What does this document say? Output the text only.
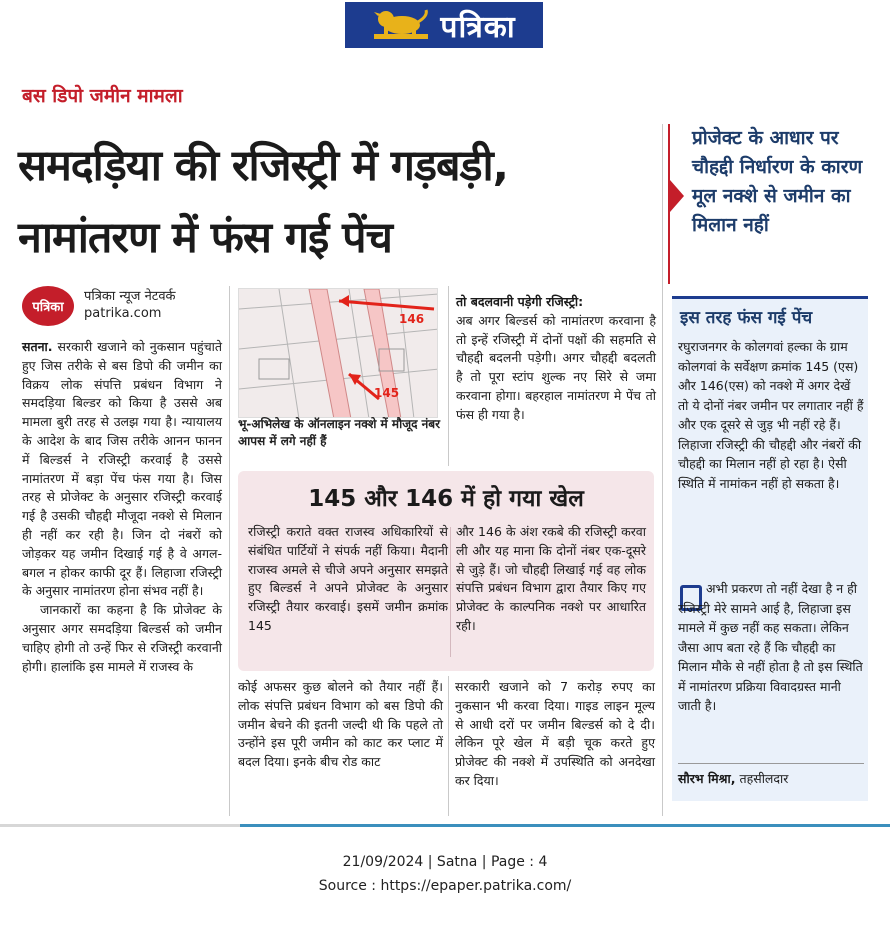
पत्रिका
बस डिपो जमीन मामला
समदड़िया की रजिस्ट्री में गड़बड़ी,
नामांतरण में फंस गई पेंच
प्रोजेक्ट के आधार पर चौहद्दी निर्धारण के कारण मूल नक्शे से जमीन का मिलान नहीं
पत्रिका
पत्रिका न्यूज नेटवर्क
patrika.com
सतना. सरकारी खजाने को नुकसान पहुंचाते हुए जिस तरीके से बस डिपो की जमीन का विक्रय लोक संपत्ति प्रबंधन विभाग ने समदड़िया बिल्डर को किया है उससे अब मामला बुरी तरह से उलझ गया है। न्यायालय के आदेश के बाद जिस तरीके आनन फानन में बिल्डर्स ने रजिस्ट्री करवाई है उससे नामांतरण में बड़ा पेंच फंस गया है। जिस तरह से प्रोजेक्ट के अनुसार रजिस्ट्री करवाई गई है उसकी चौहद्दी मौजूदा नक्शे से मिलान ही नहीं कर रही है। जिन दो नंबरों को जोड़कर यह जमीन दिखाई गई है वे अगल-बगल न होकर काफी दूर हैं। लिहाजा रजिस्ट्री के अनुसार नामांतरण होना संभव नहीं है।
जानकारों का कहना है कि प्रोजेक्ट के अनुसार अगर समदड़िया बिल्डर्स को जमीन चाहिए होगी तो उन्हें फिर से रजिस्ट्री करवानी होगी। हालांकि इस मामले में राजस्व के
146
145
भू-अभिलेख के ऑनलाइन नक्शे में मौजूद नंबर आपस में लगे नहीं हैं
तो बदलवानी पड़ेगी रजिस्ट्री:
अब अगर बिल्डर्स को नामांतरण करवाना है तो इन्हें रजिस्ट्री में दोनों पक्षों की सहमति से चौहद्दी बदलनी पड़ेगी। अगर चौहद्दी बदलती है तो पूरा स्टांप शुल्क नए सिरे से जमा करवाना होगा। बहरहाल नामांतरण मे पेंच तो फंस ही गया है।
145 और 146 में हो गया खेल
रजिस्ट्री कराते वक्त राजस्व अधिकारियों से संबंधित पार्टियों ने संपर्क नहीं किया। मैदानी राजस्व अमले से चीजे अपने अनुसार समझते हुए बिल्डर्स ने अपने प्रोजेक्ट के अनुसार रजिस्ट्री तैयार करवाई। इसमें जमीन क्रमांक 145
और 146 के अंश रकबे की रजिस्ट्री करवा ली और यह माना कि दोनों नंबर एक-दूसरे से जुड़े हैं। जो चौहद्दी लिखाई गई वह लोक संपत्ति प्रबंधन विभाग द्वारा तैयार किए गए प्रोजेक्ट के काल्पनिक नक्शे पर आधारित रही।
कोई अफसर कुछ बोलने को तैयार नहीं हैं। लोक संपत्ति प्रबंधन विभाग को बस डिपो की जमीन बेचने की इतनी जल्दी थी कि पहले तो उन्होंने इस पूरी जमीन को काट कर प्लाट में बदल दिया। इनके बीच रोड काट
सरकारी खजाने को 7 करोड़ रुपए का नुकसान भी करवा दिया। गाइड लाइन मूल्य से आधी दरों पर जमीन बिल्डर्स को दे दी। लेकिन पूरे खेल में बड़ी चूक करते हुए प्रोजेक्ट की नक्शे में उपस्थिति को अनदेखा कर दिया।
इस तरह फंस गई पेंच
रघुराजनगर के कोलगवां हल्का के ग्राम कोलगवां के सर्वेक्षण क्रमांक 145 (एस) और 146(एस) को नक्शे में अगर देखें तो ये दोनों नंबर जमीन पर लगातार नहीं हैं और एक दूसरे से जुड़ भी नहीं रहे हैं। लिहाजा रजिस्ट्री की चौहद्दी और नंबरों की चौहद्दी का मिलान नहीं हो रहा है। ऐसी स्थिति में नामांकन नहीं हो सकता है।
अभी प्रकरण तो नहीं देखा है न ही रजिस्ट्री मेरे सामने आई है, लिहाजा इस मामले में कुछ नहीं कह सकता। लेकिन जैसा आप बता रहे हैं कि चौहद्दी का मिलान मौके से नहीं होता है तो इस स्थिति में नामांतरण प्रक्रिया विवादग्रस्त मानी जाती है।
सौरभ मिश्रा, तहसीलदार
21/09/2024 | Satna | Page : 4
Source : https://epaper.patrika.com/
